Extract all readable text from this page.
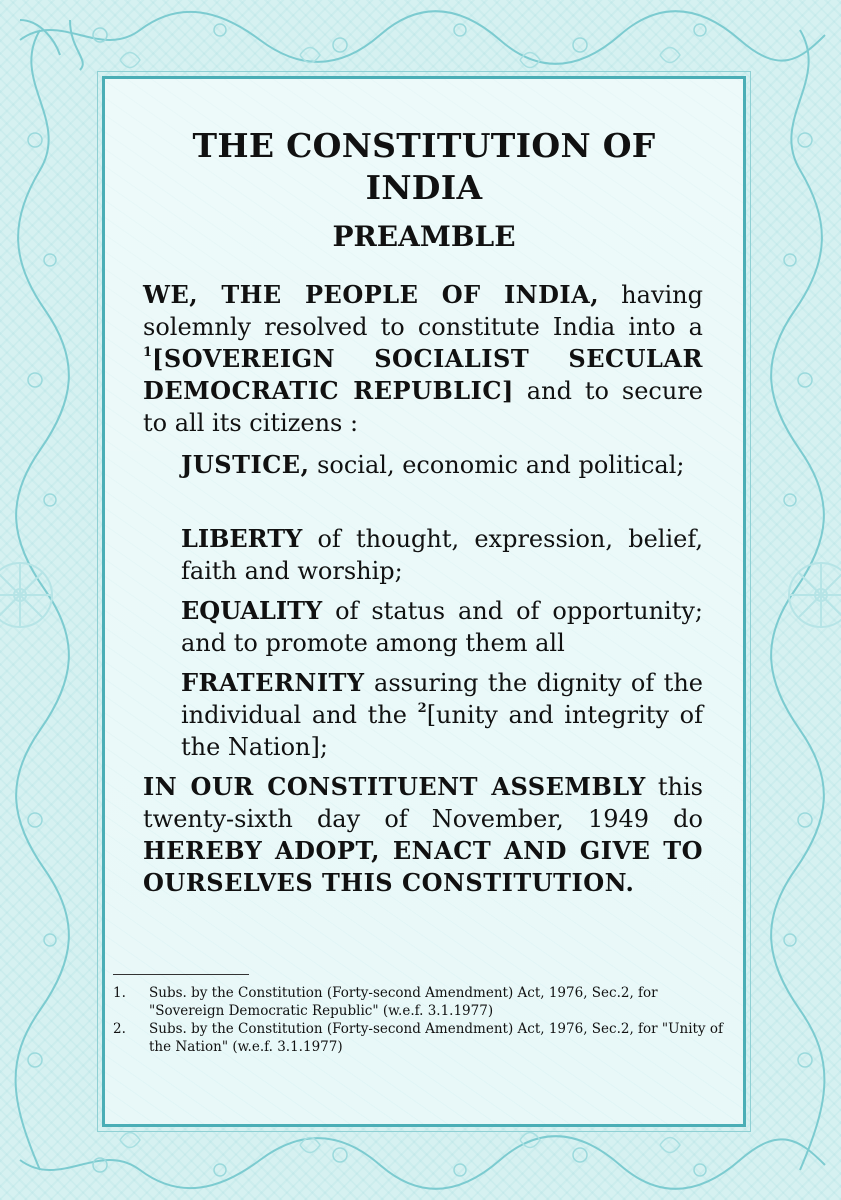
THE CONSTITUTION OF
INDIA
PREAMBLE
WE, THE PEOPLE OF INDIA, having solemnly resolved to constitute India into a $^1$[SOVEREIGN SOCIALIST SECULAR DEMOCRATIC REPUBLIC] and to secure to all its citizens :
JUSTICE, social, economic and political;
LIBERTY of thought, expression, belief, faith and worship;
EQUALITY of status and of opportunity; and to promote among them all
FRATERNITY assuring the dignity of the individual and the $^2$[unity and integrity of the Nation];
IN OUR CONSTITUENT ASSEMBLY this twenty-sixth day of November, 1949 do HEREBY ADOPT, ENACT AND GIVE TO OURSELVES THIS CONSTITUTION.
1. Subs. by the Constitution (Forty-second Amendment) Act, 1976, Sec.2, for "Sovereign Democratic Republic" (w.e.f. 3.1.1977)
2. Subs. by the Constitution (Forty-second Amendment) Act, 1976, Sec.2, for "Unity of the Nation" (w.e.f. 3.1.1977)
